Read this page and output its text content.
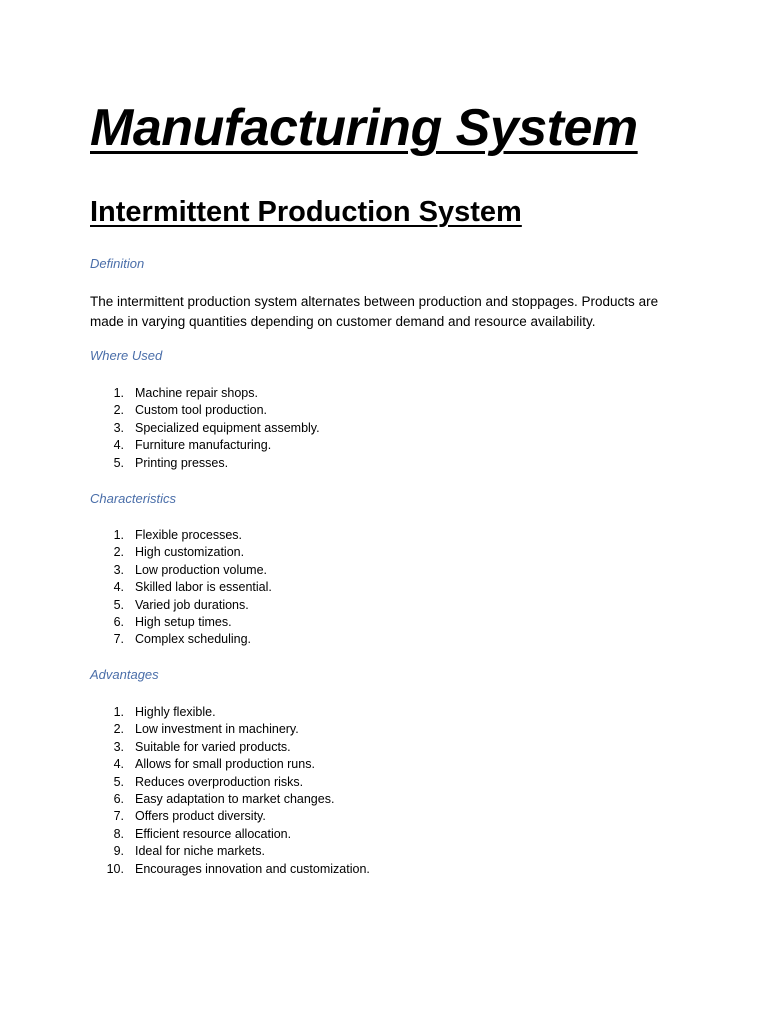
Manufacturing System
Intermittent Production System
Definition

The intermittent production system alternates between production and stoppages. Products are made in varying quantities depending on customer demand and resource availability.

Where Used
1. Machine repair shops.
2. Custom tool production.
3. Specialized equipment assembly.
4. Furniture manufacturing.
5. Printing presses.
Characteristics
1. Flexible processes.
2. High customization.
3. Low production volume.
4. Skilled labor is essential.
5. Varied job durations.
6. High setup times.
7. Complex scheduling.
Advantages
1. Highly flexible.
2. Low investment in machinery.
3. Suitable for varied products.
4. Allows for small production runs.
5. Reduces overproduction risks.
6. Easy adaptation to market changes.
7. Offers product diversity.
8. Efficient resource allocation.
9. Ideal for niche markets.
10. Encourages innovation and customization.
